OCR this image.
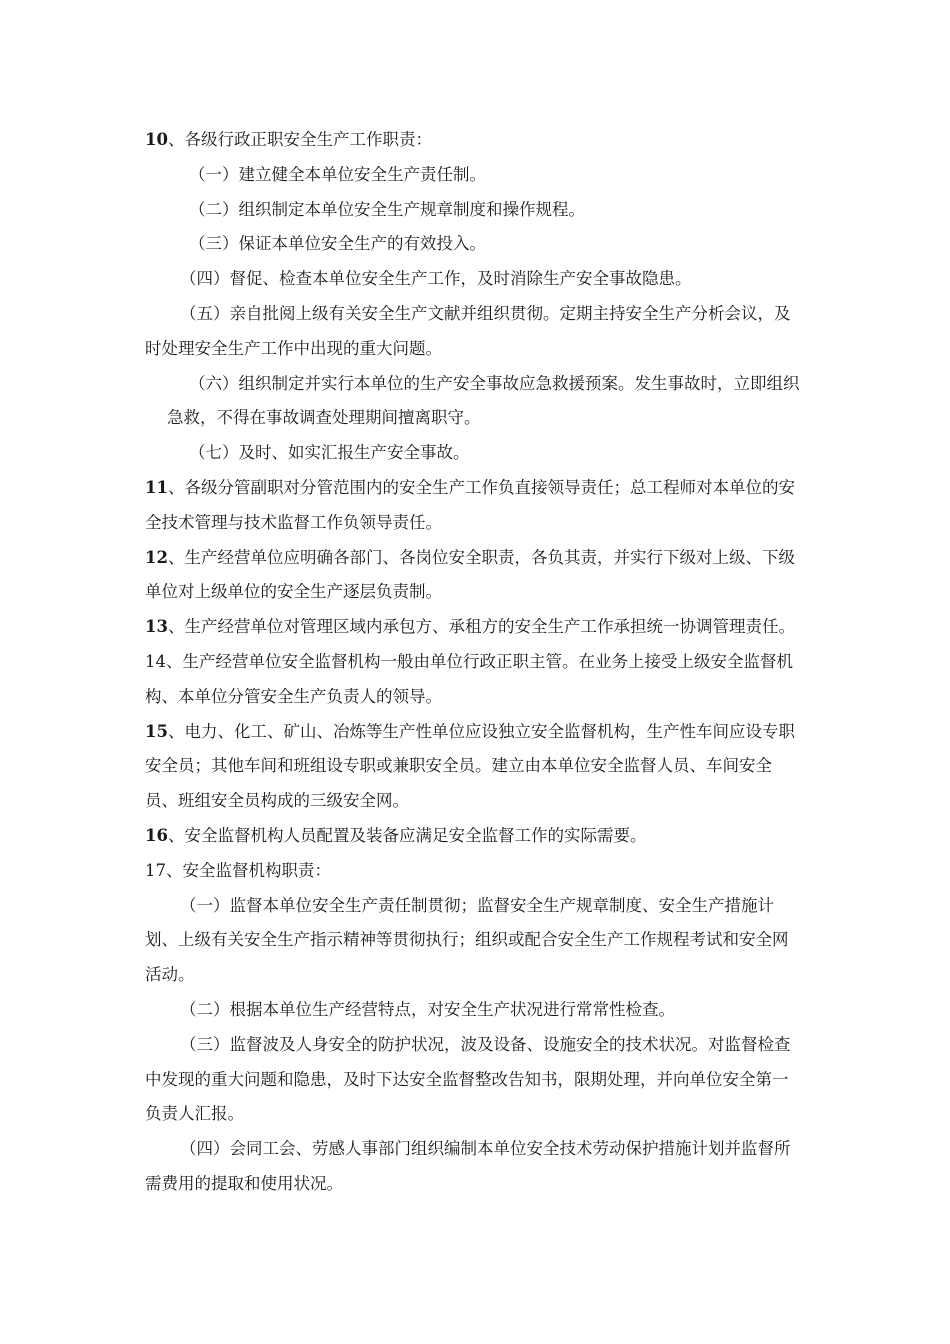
10、各级行政正职安全生产工作职责：
（一）建立健全本单位安全生产责任制。
（二）组织制定本单位安全生产规章制度和操作规程。
（三）保证本单位安全生产的有效投入。
（四）督促、检查本单位安全生产工作，及时消除生产安全事故隐患。
（五）亲自批阅上级有关安全生产文献并组织贯彻。定期主持安全生产分析会议，及
时处理安全生产工作中出现的重大问题。
（六）组织制定并实行本单位的生产安全事故应急救援预案。发生事故时，立即组织
急救，不得在事故调查处理期间擅离职守。
（七）及时、如实汇报生产安全事故。
11、各级分管副职对分管范围内的安全生产工作负直接领导责任；总工程师对本单位的安
全技术管理与技术监督工作负领导责任。
12、生产经营单位应明确各部门、各岗位安全职责，各负其责，并实行下级对上级、下级
单位对上级单位的安全生产逐层负责制。
13、生产经营单位对管理区域内承包方、承租方的安全生产工作承担统一协调管理责任。
14、生产经营单位安全监督机构一般由单位行政正职主管。在业务上接受上级安全监督机
构、本单位分管安全生产负责人的领导。
15、电力、化工、矿山、冶炼等生产性单位应设独立安全监督机构，生产性车间应设专职
安全员；其他车间和班组设专职或兼职安全员。建立由本单位安全监督人员、车间安全
员、班组安全员构成的三级安全网。
16、安全监督机构人员配置及装备应满足安全监督工作的实际需要。
17、安全监督机构职责：
（一）监督本单位安全生产责任制贯彻；监督安全生产规章制度、安全生产措施计
划、上级有关安全生产指示精神等贯彻执行；组织或配合安全生产工作规程考试和安全网
活动。
（二）根据本单位生产经营特点，对安全生产状况进行常常性检查。
（三）监督波及人身安全的防护状况，波及设备、设施安全的技术状况。对监督检查
中发现的重大问题和隐患，及时下达安全监督整改告知书，限期处理，并向单位安全第一
负责人汇报。
（四）会同工会、劳感人事部门组织编制本单位安全技术劳动保护措施计划并监督所
需费用的提取和使用状况。
